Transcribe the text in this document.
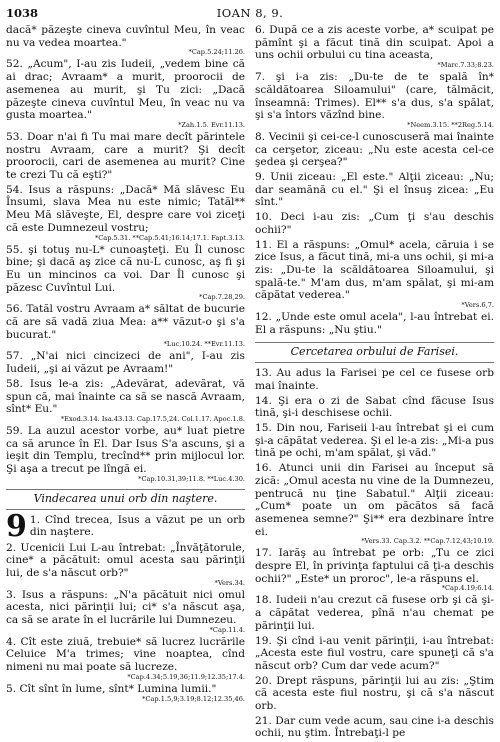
1038	IOAN 8, 9.
dacă* păzeşte cineva cuvîntul Meu, în veac nu va vedea moartea."
*Cap.5.24;11.26.
52. „Acum", I-au zis Iudeii, „vedem bine că ai drac; Avraam* a murit, proorocii de asemenea au murit, şi Tu zici: „Dacă păzeşte cineva cuvîntul Meu, în veac nu va gusta moartea."
*Zah.1.5. Evr.11.13.
53. Doar n'ai fi Tu mai mare decît părintele nostru Avraam, care a murit? Şi decît proorocii, cari de asemenea au murit? Cine te crezi Tu că eşti?"
54. Isus a răspuns: „Dacă* Mă slăvesc Eu Însumi, slava Mea nu este nimic; Tatăl** Meu Mă slăveşte, El, despre care voi ziceţi că este Dumnezeul vostru;
*Cap.5.31. **Cap.5.41;16.14;17.1. Fapt.3.13.
55. şi totuş nu-L* cunoaşteţi. Eu Îl cunosc bine; şi dacă aş zice că nu-L cunosc, aş fi şi Eu un mincinos ca voi. Dar Îl cunosc şi păzesc Cuvîntul Lui.
*Cap.7.28,29.
56. Tatăl vostru Avraam a* săltat de bucurie că are să vadă ziua Mea: a** văzut-o şi s'a bucurat."
*Luc.10.24. **Evr.11.13.
57. „N'ai nici cincizeci de ani", I-au zis Iudeii, „şi ai văzut pe Avraam!"
58. Isus le-a zis: „Adevărat, adevărat, vă spun că, mai înainte ca să se nască Avraam, sînt* Eu."
*Exod.3.14. Isa.43.13. Cap.17.5,24. Col.1.17. Apoc.1.8.
59. La auzul acestor vorbe, au* luat pietre ca să arunce în El. Dar Isus S'a ascuns, şi a ieşit din Templu, trecînd** prin mijlocul lor. Şi aşa a trecut pe lîngă ei.
*Cap.10.31,39;11.8. **Luc.4.30.
Vindecarea unui orb din naştere.
9 1. Cînd trecea, Isus a văzut pe un orb din naştere.
2. Ucenicii Lui L-au întrebat: „Învăţătorule, cine* a păcătuit: omul acesta sau părinţii lui, de s'a născut orb?"
*Vers.34.
3. Isus a răspuns: „N'a păcătuit nici omul acesta, nici părinţii lui; ci* s'a născut aşa, ca să se arate în el lucrările lui Dumnezeu.
*Cap.11.4.
4. Cît este ziuă, trebuie* să lucrez lucrările Celuice M'a trimes; vine noaptea, cînd nimeni nu mai poate să lucreze.
*Cap.4.34;5.19,36;11.9;12.35;17.4.
5. Cît sînt în lume, sînt* Lumina lumii."
*Cap.1.5,9;3.19;8.12;12.35,46.
6. După ce a zis aceste vorbe, a* scuipat pe pămînt şi a făcut tină din scuipat. Apoi a uns ochii orbului cu tina aceasta,
*Marc.7.33;8.23.
7. şi i-a zis: „Du-te de te spală în* scăldătoarea Siloamului" (care, tălmăcit, înseamnă: Trimes). El** s'a dus, s'a spălat, şi s'a întors văzînd bine.
*Neem.3.15. **2Reg.5.14.
8. Vecinii şi cei-ce-l cunoscuseră mai înainte ca cerşetor, ziceau: „Nu este acesta cel-ce şedea şi cerşea?"
9. Unii ziceau: „El este." Alţii ziceau: „Nu; dar seamănă cu el." Şi el însuş zicea: „Eu sînt."
10. Deci i-au zis: „Cum ţi s'au deschis ochii?"
11. El a răspuns: „Omul* acela, căruia i se zice Isus, a făcut tină, mi-a uns ochii, şi mi-a zis: „Du-te la scăldătoarea Siloamului, şi spală-te." M'am dus, m'am spălat, şi mi-am căpătat vederea."
*Vers.6,7.
12. „Unde este omul acela", l-au întrebat ei. El a răspuns: „Nu ştiu."
Cercetarea orbului de Farisei.
13. Au adus la Farisei pe cel ce fusese orb mai înainte.
14. Şi era o zi de Sabat cînd făcuse Isus tină, şi-i deschisese ochii.
15. Din nou, Fariseii l-au întrebat şi ei cum şi-a căpătat vederea. Şi el le-a zis: „Mi-a pus tină pe ochi, m'am spălat, şi văd."
16. Atunci unii din Farisei au început să zică: „Omul acesta nu vine de la Dumnezeu, pentrucă nu ţine Sabatul." Alţii ziceau: „Cum* poate un om păcătos să facă asemenea semne?" Şi** era dezbinare între ei.
*Vers.33. Cap.3.2. **Cap.7.12,43;10.19.
17. Iarăş au întrebat pe orb: „Tu ce zici despre El, în privinţa faptului că ţi-a deschis ochii?" „Este* un proroc", le-a răspuns el.
*Cap.4.19;6.14.
18. Iudeii n'au crezut că fusese orb şi că şi-a căpătat vederea, pînă n'au chemat pe părinţii lui.
19. Şi cînd i-au venit părinţii, i-au întrebat: „Acesta este fiul vostru, care spuneţi că s'a născut orb? Cum dar vede acum?"
20. Drept răspuns, părinţii lui au zis: „Ştim că acesta este fiul nostru, şi că s'a născut orb.
21. Dar cum vede acum, sau cine i-a deschis ochii, nu ştim. Întrebaţi-l pe
